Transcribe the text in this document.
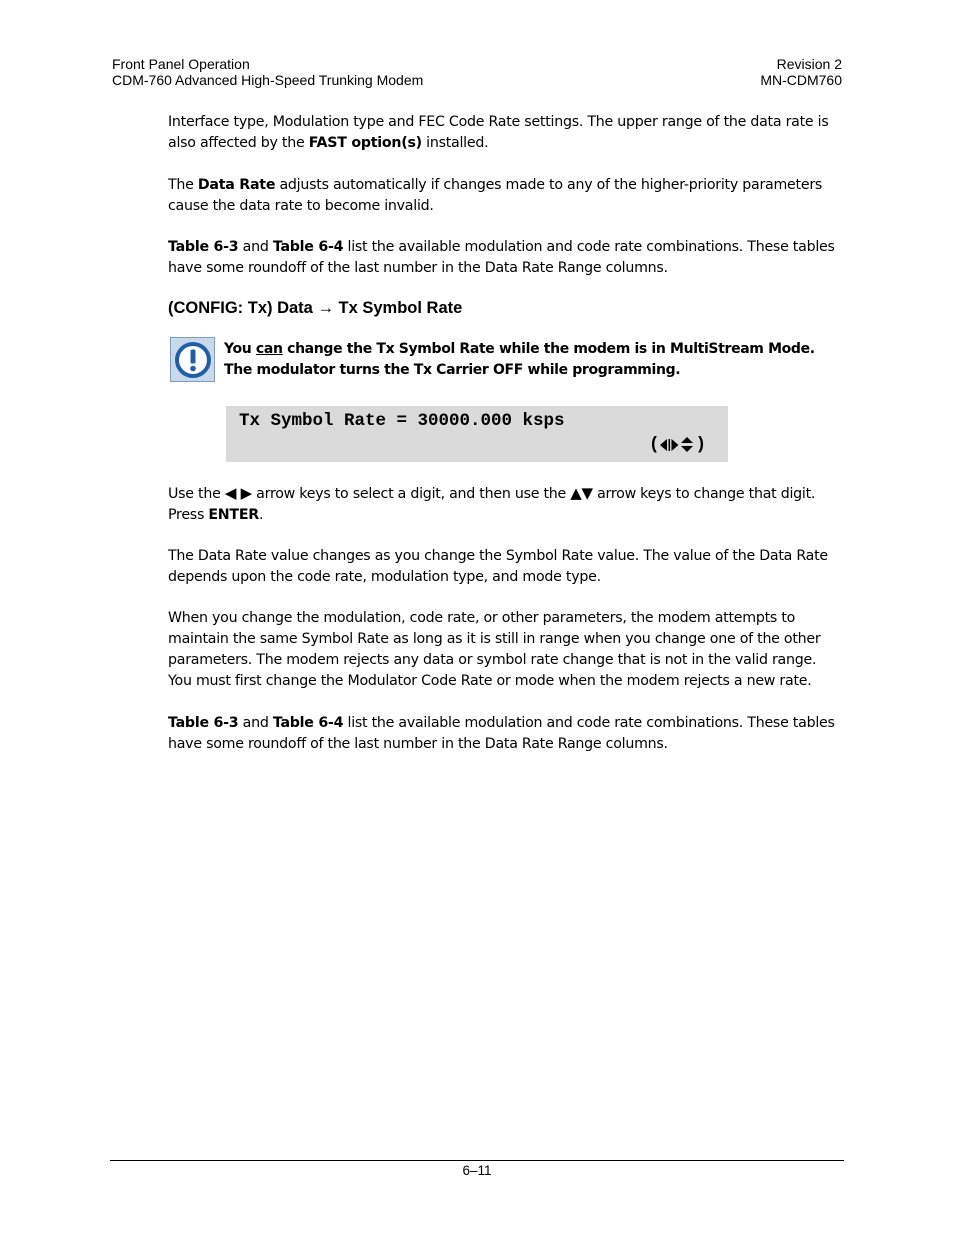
Front Panel Operation
CDM-760 Advanced High-Speed Trunking Modem
Revision 2
MN-CDM760
Interface type, Modulation type and FEC Code Rate settings. The upper range of the data rate is also affected by the FAST option(s) installed.
The Data Rate adjusts automatically if changes made to any of the higher-priority parameters cause the data rate to become invalid.
Table 6-3 and Table 6-4 list the available modulation and code rate combinations. These tables have some roundoff of the last number in the Data Rate Range columns.
(CONFIG: Tx) Data → Tx Symbol Rate
You can change the Tx Symbol Rate while the modem is in MultiStream Mode. The modulator turns the Tx Carrier OFF while programming.
Tx Symbol Rate = 30000.000 ksps
( )
Use the ◀ ▶ arrow keys to select a digit, and then use the ▲▼ arrow keys to change that digit. Press ENTER.
The Data Rate value changes as you change the Symbol Rate value. The value of the Data Rate depends upon the code rate, modulation type, and mode type.
When you change the modulation, code rate, or other parameters, the modem attempts to maintain the same Symbol Rate as long as it is still in range when you change one of the other parameters. The modem rejects any data or symbol rate change that is not in the valid range. You must first change the Modulator Code Rate or mode when the modem rejects a new rate.
Table 6-3 and Table 6-4 list the available modulation and code rate combinations. These tables have some roundoff of the last number in the Data Rate Range columns.
6–11
